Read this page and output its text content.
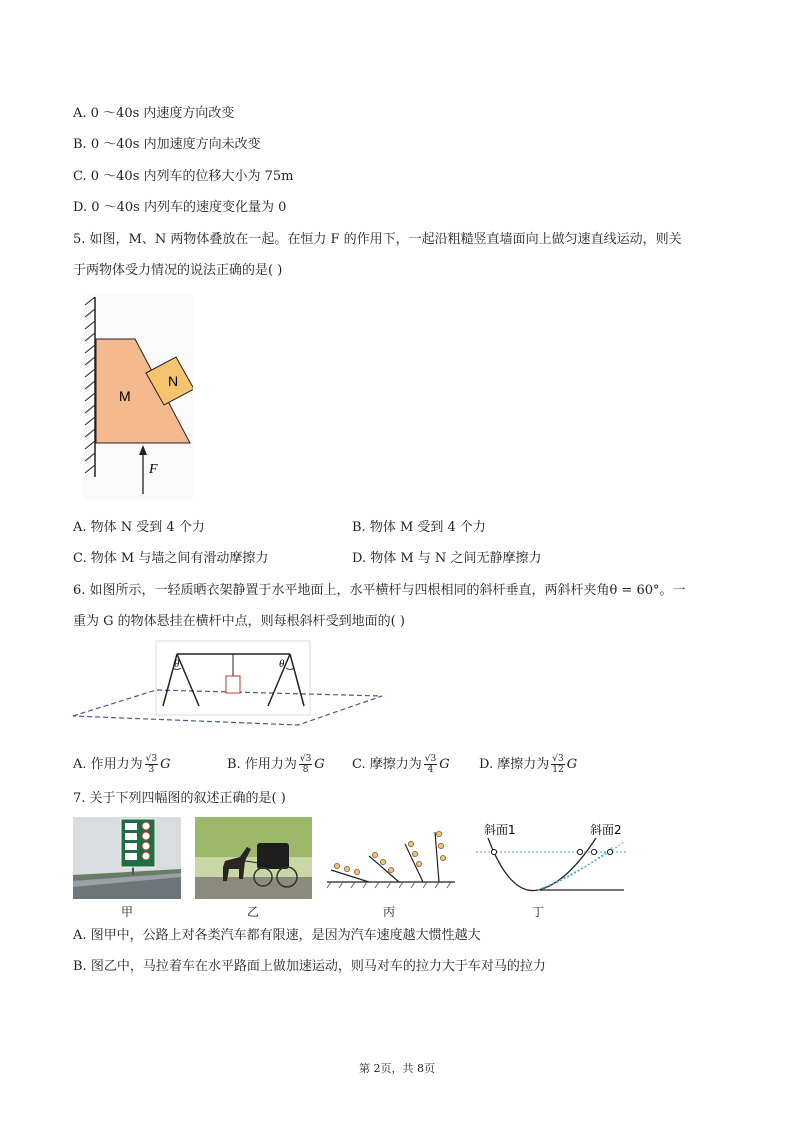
A. 0 ～40s 内速度方向改变
B. 0 ～40s 内加速度方向未改变
C. 0 ～40s 内列车的位移大小为 75m
D. 0 ～40s 内列车的速度变化量为 0
5. 如图，M、N 两物体叠放在一起。在恒力 F 的作用下，一起沿粗糙竖直墙面向上做匀速直线运动，则关
于两物体受力情况的说法正确的是( )
M
N
F
A. 物体 N 受到 4 个力	B. 物体 M 受到 4 个力
C. 物体 M 与墙之间有滑动摩擦力	D. 物体 M 与 N 之间无静摩擦力
6. 如图所示，一轻质晒衣架静置于水平地面上，水平横杆与四根相同的斜杆垂直，两斜杆夹角θ = 60°。一
重为 G 的物体悬挂在横杆中点，则每根斜杆受到地面的( )
θ	θ
A. 作用力为 $\frac{√3}{3}$ G	B. 作用力为 $\frac{√3}{8}$ G C. 摩擦力为 $\frac{√3}{4}$ G D. 摩擦力为 $\frac{√3}{12}$ G
7. 关于下列四幅图的叙述正确的是( )
甲	乙	丙
斜面1	斜面2
丁
A. 图甲中，公路上对各类汽车都有限速，是因为汽车速度越大惯性越大
B. 图乙中，马拉着车在水平路面上做加速运动，则马对车的拉力大于车对马的拉力
第 2页，共 8页
